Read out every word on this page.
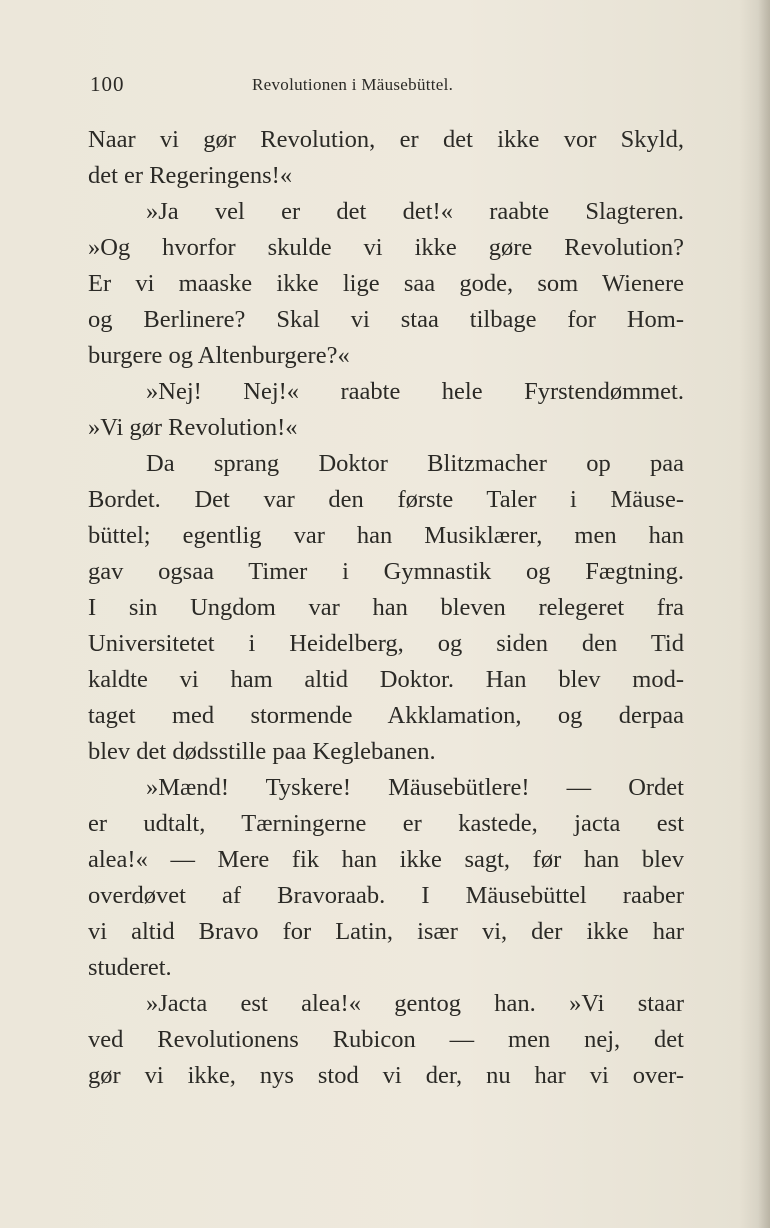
100	Revolutionen i Mäusebüttel.
Naar vi gør Revolution, er det ikke vor Skyld,
det er Regeringens!«
»Ja vel er det det!« raabte Slagteren.
»Og hvorfor skulde vi ikke gøre Revolution?
Er vi maaske ikke lige saa gode, som Wienere
og Berlinere? Skal vi staa tilbage for Hom-
burgere og Altenburgere?«
»Nej! Nej!« raabte hele Fyrstendømmet.
»Vi gør Revolution!«
Da sprang Doktor Blitzmacher op paa
Bordet. Det var den første Taler i Mäuse-
büttel; egentlig var han Musiklærer, men han
gav ogsaa Timer i Gymnastik og Fægtning.
I sin Ungdom var han bleven relegeret fra
Universitetet i Heidelberg, og siden den Tid
kaldte vi ham altid Doktor. Han blev mod-
taget med stormende Akklamation, og derpaa
blev det dødsstille paa Keglebanen.
»Mænd! Tyskere! Mäusebütlere! — Ordet
er udtalt, Tærningerne er kastede, jacta est
alea!« — Mere fik han ikke sagt, før han blev
overdøvet af Bravoraab. I Mäusebüttel raaber
vi altid Bravo for Latin, især vi, der ikke har
studeret.
»Jacta est alea!« gentog han. »Vi staar
ved Revolutionens Rubicon — men nej, det
gør vi ikke, nys stod vi der, nu har vi over-
